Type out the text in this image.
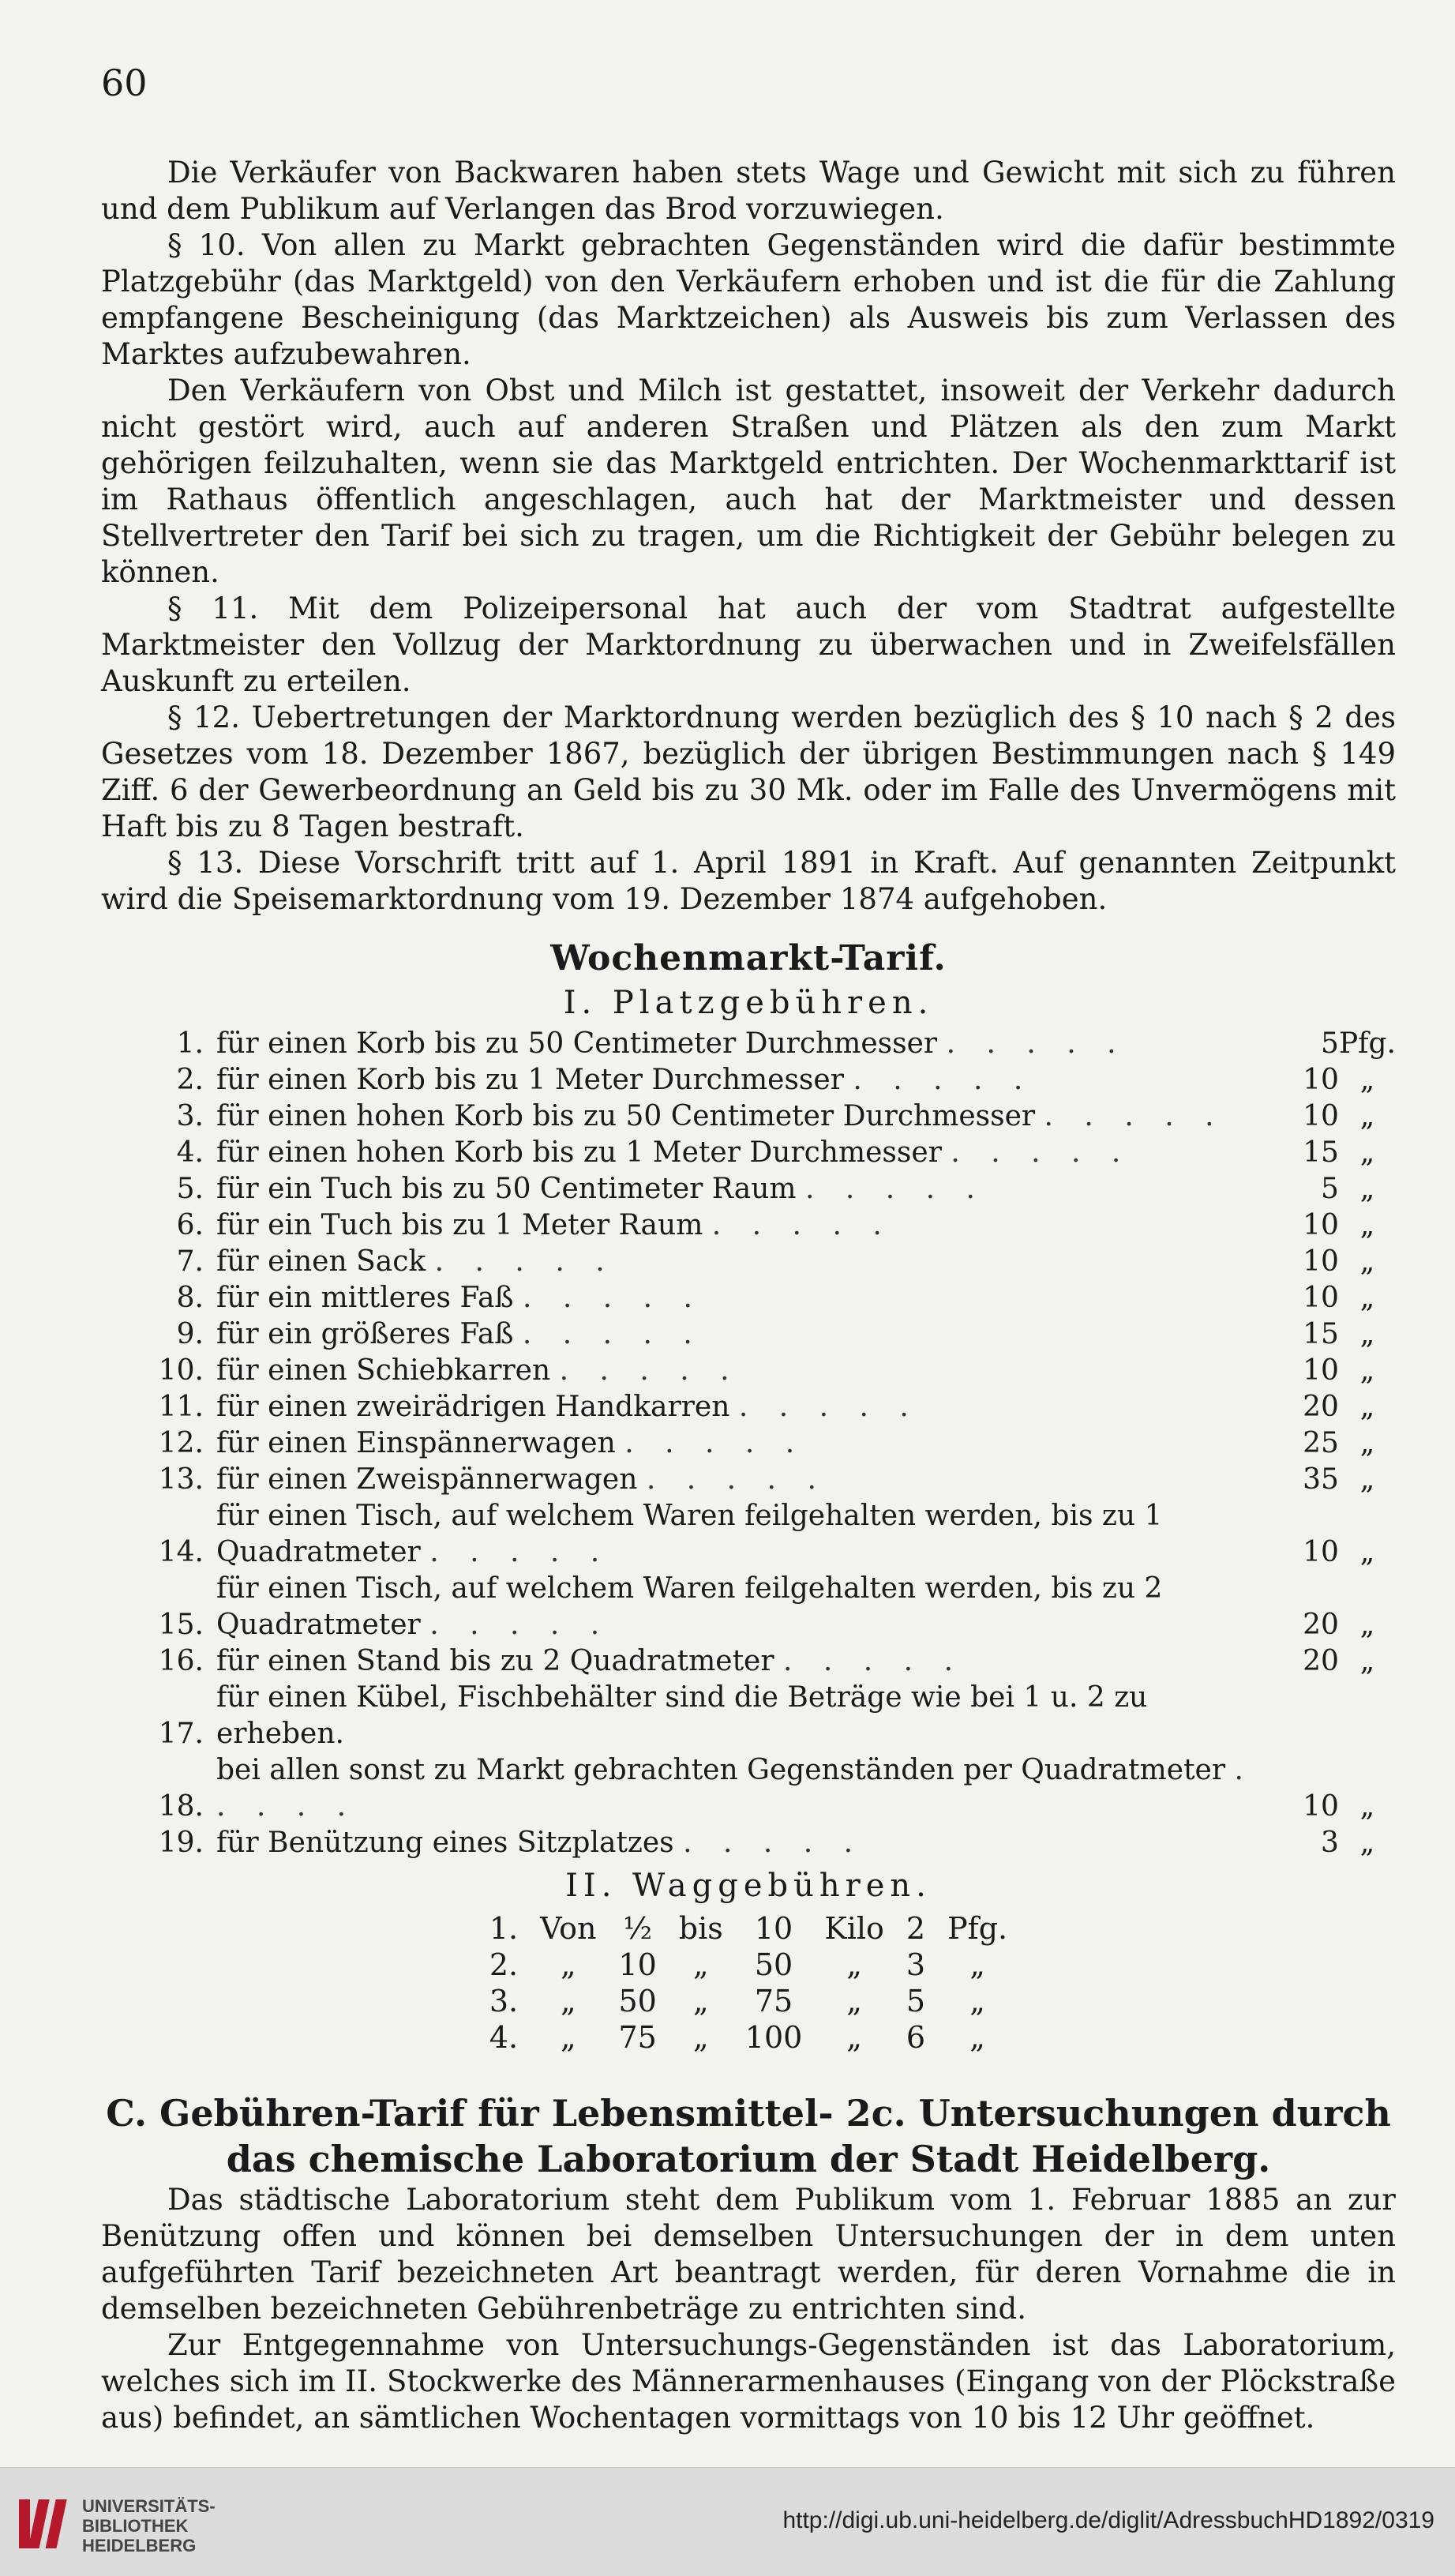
60

Die Verkäufer von Backwaren haben stets Wage und Gewicht mit sich zu führen und dem Publikum auf Verlangen das Brod vorzuwiegen.

§ 10. Von allen zu Markt gebrachten Gegenständen wird die dafür bestimmte Platzgebühr (das Marktgeld) von den Verkäufern erhoben und ist die für die Zahlung empfangene Bescheinigung (das Marktzeichen) als Ausweis bis zum Verlassen des Marktes aufzubewahren.

Den Verkäufern von Obst und Milch ist gestattet, insoweit der Verkehr dadurch nicht gestört wird, auch auf anderen Straßen und Plätzen als den zum Markt gehörigen feilzuhalten, wenn sie das Marktgeld entrichten. Der Wochenmarkttarif ist im Rathaus öffentlich angeschlagen, auch hat der Marktmeister und dessen Stellvertreter den Tarif bei sich zu tragen, um die Richtigkeit der Gebühr belegen zu können.

§ 11. Mit dem Polizeipersonal hat auch der vom Stadtrat aufgestellte Marktmeister den Vollzug der Marktordnung zu überwachen und in Zweifelsfällen Auskunft zu erteilen.

§ 12. Uebertretungen der Marktordnung werden bezüglich des § 10 nach § 2 des Gesetzes vom 18. Dezember 1867, bezüglich der übrigen Bestimmungen nach § 149 Ziff. 6 der Gewerbeordnung an Geld bis zu 30 Mk. oder im Falle des Unvermögens mit Haft bis zu 8 Tagen bestraft.

§ 13. Diese Vorschrift tritt auf 1. April 1891 in Kraft. Auf genannten Zeitpunkt wird die Speisemarktordnung vom 19. Dezember 1874 aufgehoben.

Wochenmarkt-Tarif.
I. Platzgebühren.
1.	für einen Korb bis zu 50 Centimeter Durchmesser . . . . .	5	Pfg.
2.	für einen Korb bis zu 1 Meter Durchmesser . . . . .	10	„
3.	für einen hohen Korb bis zu 50 Centimeter Durchmesser . . . . .	10	„
4.	für einen hohen Korb bis zu 1 Meter Durchmesser . . . . .	15	„
5.	für ein Tuch bis zu 50 Centimeter Raum . . . . .	5	„
6.	für ein Tuch bis zu 1 Meter Raum . . . . .	10	„
7.	für einen Sack . . . . .	10	„
8.	für ein mittleres Faß . . . . .	10	„
9.	für ein größeres Faß . . . . .	15	„
10.	für einen Schiebkarren . . . . .	10	„
11.	für einen zweirädrigen Handkarren . . . . .	20	„
12.	für einen Einspännerwagen . . . . .	25	„
13.	für einen Zweispännerwagen . . . . .	35	„
14.	für einen Tisch, auf welchem Waren feilgehalten werden, bis zu 1 Quadratmeter . . . . .	10	„
15.	für einen Tisch, auf welchem Waren feilgehalten werden, bis zu 2 Quadratmeter . . . . .	20	„
16.	für einen Stand bis zu 2 Quadratmeter . . . . .	20	„
17.	für einen Kübel, Fischbehälter sind die Beträge wie bei 1 u. 2 zu erheben.		
18.	bei allen sonst zu Markt gebrachten Gegenständen per Quadratmeter . . . . .	10	„
19.	für Benützung eines Sitzplatzes . . . . .	3	„
II. Waggebühren.
1.	Von	½	bis	10	Kilo	2	Pfg.
2.	„	10	„	50	„	3	„
3.	„	50	„	75	„	5	„
4.	„	75	„	100	„	6	„

C. Gebühren-Tarif für Lebensmittel- 2c. Untersuchungen durch das chemische Laboratorium der Stadt Heidelberg.

Das städtische Laboratorium steht dem Publikum vom 1. Februar 1885 an zur Benützung offen und können bei demselben Untersuchungen der in dem unten aufgeführten Tarif bezeichneten Art beantragt werden, für deren Vornahme die in demselben bezeichneten Gebührenbeträge zu entrichten sind.

Zur Entgegennahme von Untersuchungs-Gegenständen ist das Laboratorium, welches sich im II. Stockwerke des Männerarmenhauses (Eingang von der Plöckstraße aus) befindet, an sämtlichen Wochentagen vormittags von 10 bis 12 Uhr geöffnet.

UNIVERSITÄTS-
BIBLIOTHEK
HEIDELBERG
http://digi.ub.uni-heidelberg.de/diglit/AdressbuchHD1892/0319
